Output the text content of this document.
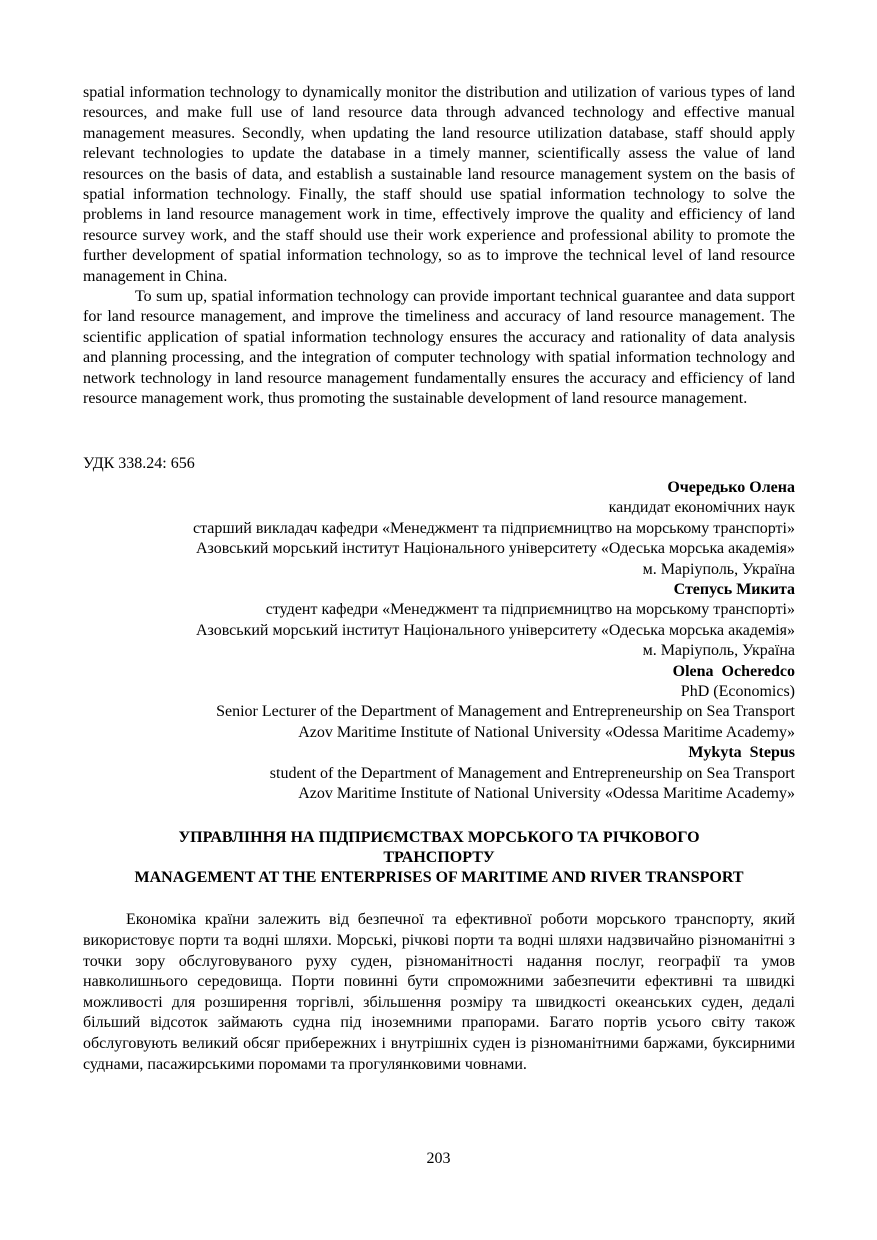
spatial information technology to dynamically monitor the distribution and utilization of various types of land resources, and make full use of land resource data through advanced technology and effective manual management measures. Secondly, when updating the land resource utilization database, staff should apply relevant technologies to update the database in a timely manner, scientifically assess the value of land resources on the basis of data, and establish a sustainable land resource management system on the basis of spatial information technology. Finally, the staff should use spatial information technology to solve the problems in land resource management work in time, effectively improve the quality and efficiency of land resource survey work, and the staff should use their work experience and professional ability to promote the further development of spatial information technology, so as to improve the technical level of land resource management in China.

To sum up, spatial information technology can provide important technical guarantee and data support for land resource management, and improve the timeliness and accuracy of land resource management. The scientific application of spatial information technology ensures the accuracy and rationality of data analysis and planning processing, and the integration of computer technology with spatial information technology and network technology in land resource management fundamentally ensures the accuracy and efficiency of land resource management work, thus promoting the sustainable development of land resource management.

УДК 338.24: 656
Очередько Олена
кандидат економічних наук
старший викладач кафедри «Менеджмент та підприємництво на морському транспорті»
Азовський морський інститут Національного університету «Одеська морська академія»
м. Маріуполь, Україна
Степусь Микита
студент кафедри «Менеджмент та підприємництво на морському транспорті»
Азовський морський інститут Національного університету «Одеська морська академія»
м. Маріуполь, Україна
Olena  Ocheredco
PhD (Economics)
Senior Lecturer of the Department of Management and Entrepreneurship on Sea Transport
Azov Maritime Institute of National University «Odessa Maritime Academy»
Mykyta  Stepus
student of the Department of Management and Entrepreneurship on Sea Transport
Azov Maritime Institute of National University «Odessa Maritime Academy»
УПРАВЛІННЯ НА ПІДПРИЄМСТВАХ МОРСЬКОГО ТА РІЧКОВОГО
ТРАНСПОРТУ
MANAGEMENT AT THE ENTERPRISES OF MARITIME AND RIVER TRANSPORT

Економіка країни залежить від безпечної та ефективної роботи морського транспорту, який використовує порти та водні шляхи. Морські, річкові порти та водні шляхи надзвичайно різноманітні з точки зору обслуговуваного руху суден, різноманітності надання послуг, географії та умов навколишнього середовища. Порти повинні бути спроможними забезпечити ефективні та швидкі можливості для розширення торгівлі, збільшення розміру та швидкості океанських суден, дедалі більший відсоток займають судна під іноземними прапорами. Багато портів усього світу також обслуговують великий обсяг прибережних і внутрішніх суден із різноманітними баржами, буксирними суднами, пасажирськими поромами та прогулянковими човнами.

203
